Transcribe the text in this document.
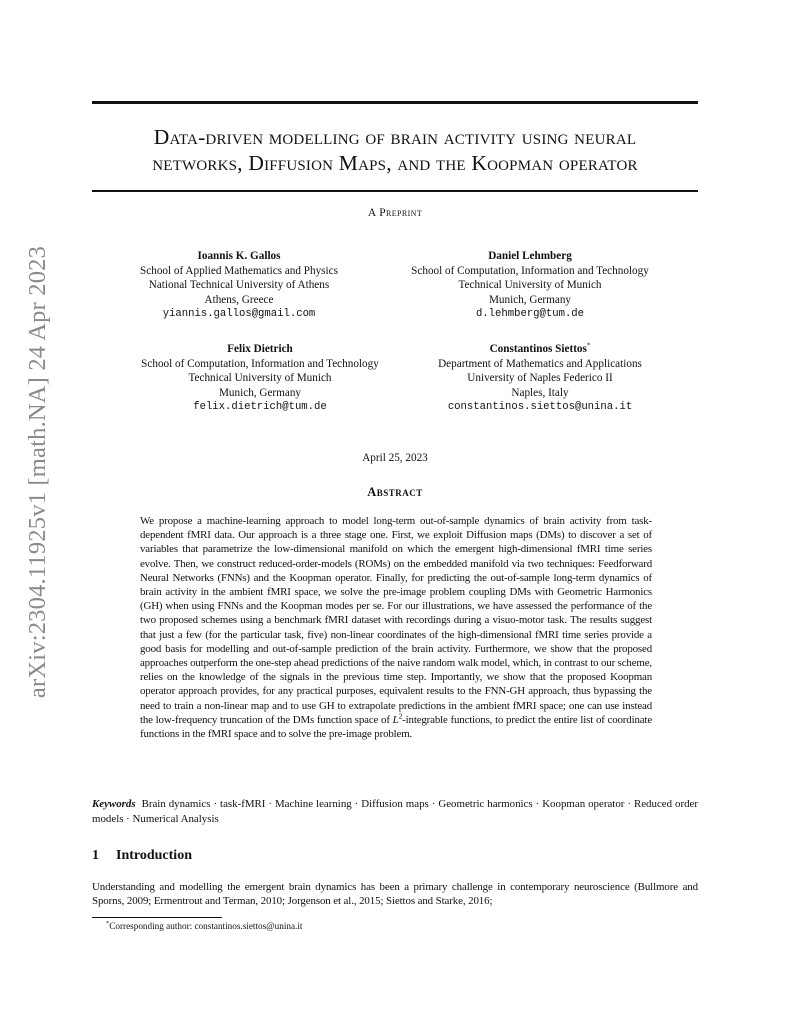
arXiv:2304.11925v1 [math.NA] 24 Apr 2023
Data-driven modelling of brain activity using neural
networks, Diffusion Maps, and the Koopman operator
A Preprint
Ioannis K. Gallos
School of Applied Mathematics and Physics
National Technical University of Athens
Athens, Greece
yiannis.gallos@gmail.com
Daniel Lehmberg
School of Computation, Information and Technology
Technical University of Munich
Munich, Germany
d.lehmberg@tum.de
Felix Dietrich
School of Computation, Information and Technology
Technical University of Munich
Munich, Germany
felix.dietrich@tum.de
Constantinos Siettos*
Department of Mathematics and Applications
University of Naples Federico II
Naples, Italy
constantinos.siettos@unina.it
April 25, 2023
Abstract
We propose a machine-learning approach to model long-term out-of-sample dynamics of brain activity from task-dependent fMRI data. Our approach is a three stage one. First, we exploit Diffusion maps (DMs) to discover a set of variables that parametrize the low-dimensional manifold on which the emergent high-dimensional fMRI time series evolve. Then, we construct reduced-order-models (ROMs) on the embedded manifold via two techniques: Feedforward Neural Networks (FNNs) and the Koopman operator. Finally, for predicting the out-of-sample long-term dynamics of brain activity in the ambient fMRI space, we solve the pre-image problem coupling DMs with Geometric Harmonics (GH) when using FNNs and the Koopman modes per se. For our illustrations, we have assessed the performance of the two proposed schemes using a benchmark fMRI dataset with recordings during a visuo-motor task. The results suggest that just a few (for the particular task, five) non-linear coordinates of the high-dimensional fMRI time series provide a good basis for modelling and out-of-sample prediction of the brain activity. Furthermore, we show that the proposed approaches outperform the one-step ahead predictions of the naive random walk model, which, in contrast to our scheme, relies on the knowledge of the signals in the previous time step. Importantly, we show that the proposed Koopman operator approach provides, for any practical purposes, equivalent results to the FNN-GH approach, thus bypassing the need to train a non-linear map and to use GH to extrapolate predictions in the ambient fMRI space; one can use instead the low-frequency truncation of the DMs function space of $L^2$-integrable functions, to predict the entire list of coordinate functions in the fMRI space and to solve the pre-image problem.
Keywords Brain dynamics · task-fMRI · Machine learning · Diffusion maps · Geometric harmonics · Koopman operator · Reduced order models · Numerical Analysis
1 Introduction
Understanding and modelling the emergent brain dynamics has been a primary challenge in contemporary neuroscience (Bullmore and Sporns, 2009; Ermentrout and Terman, 2010; Jorgenson et al., 2015; Siettos and Starke, 2016;
*Corresponding author: constantinos.siettos@unina.it
